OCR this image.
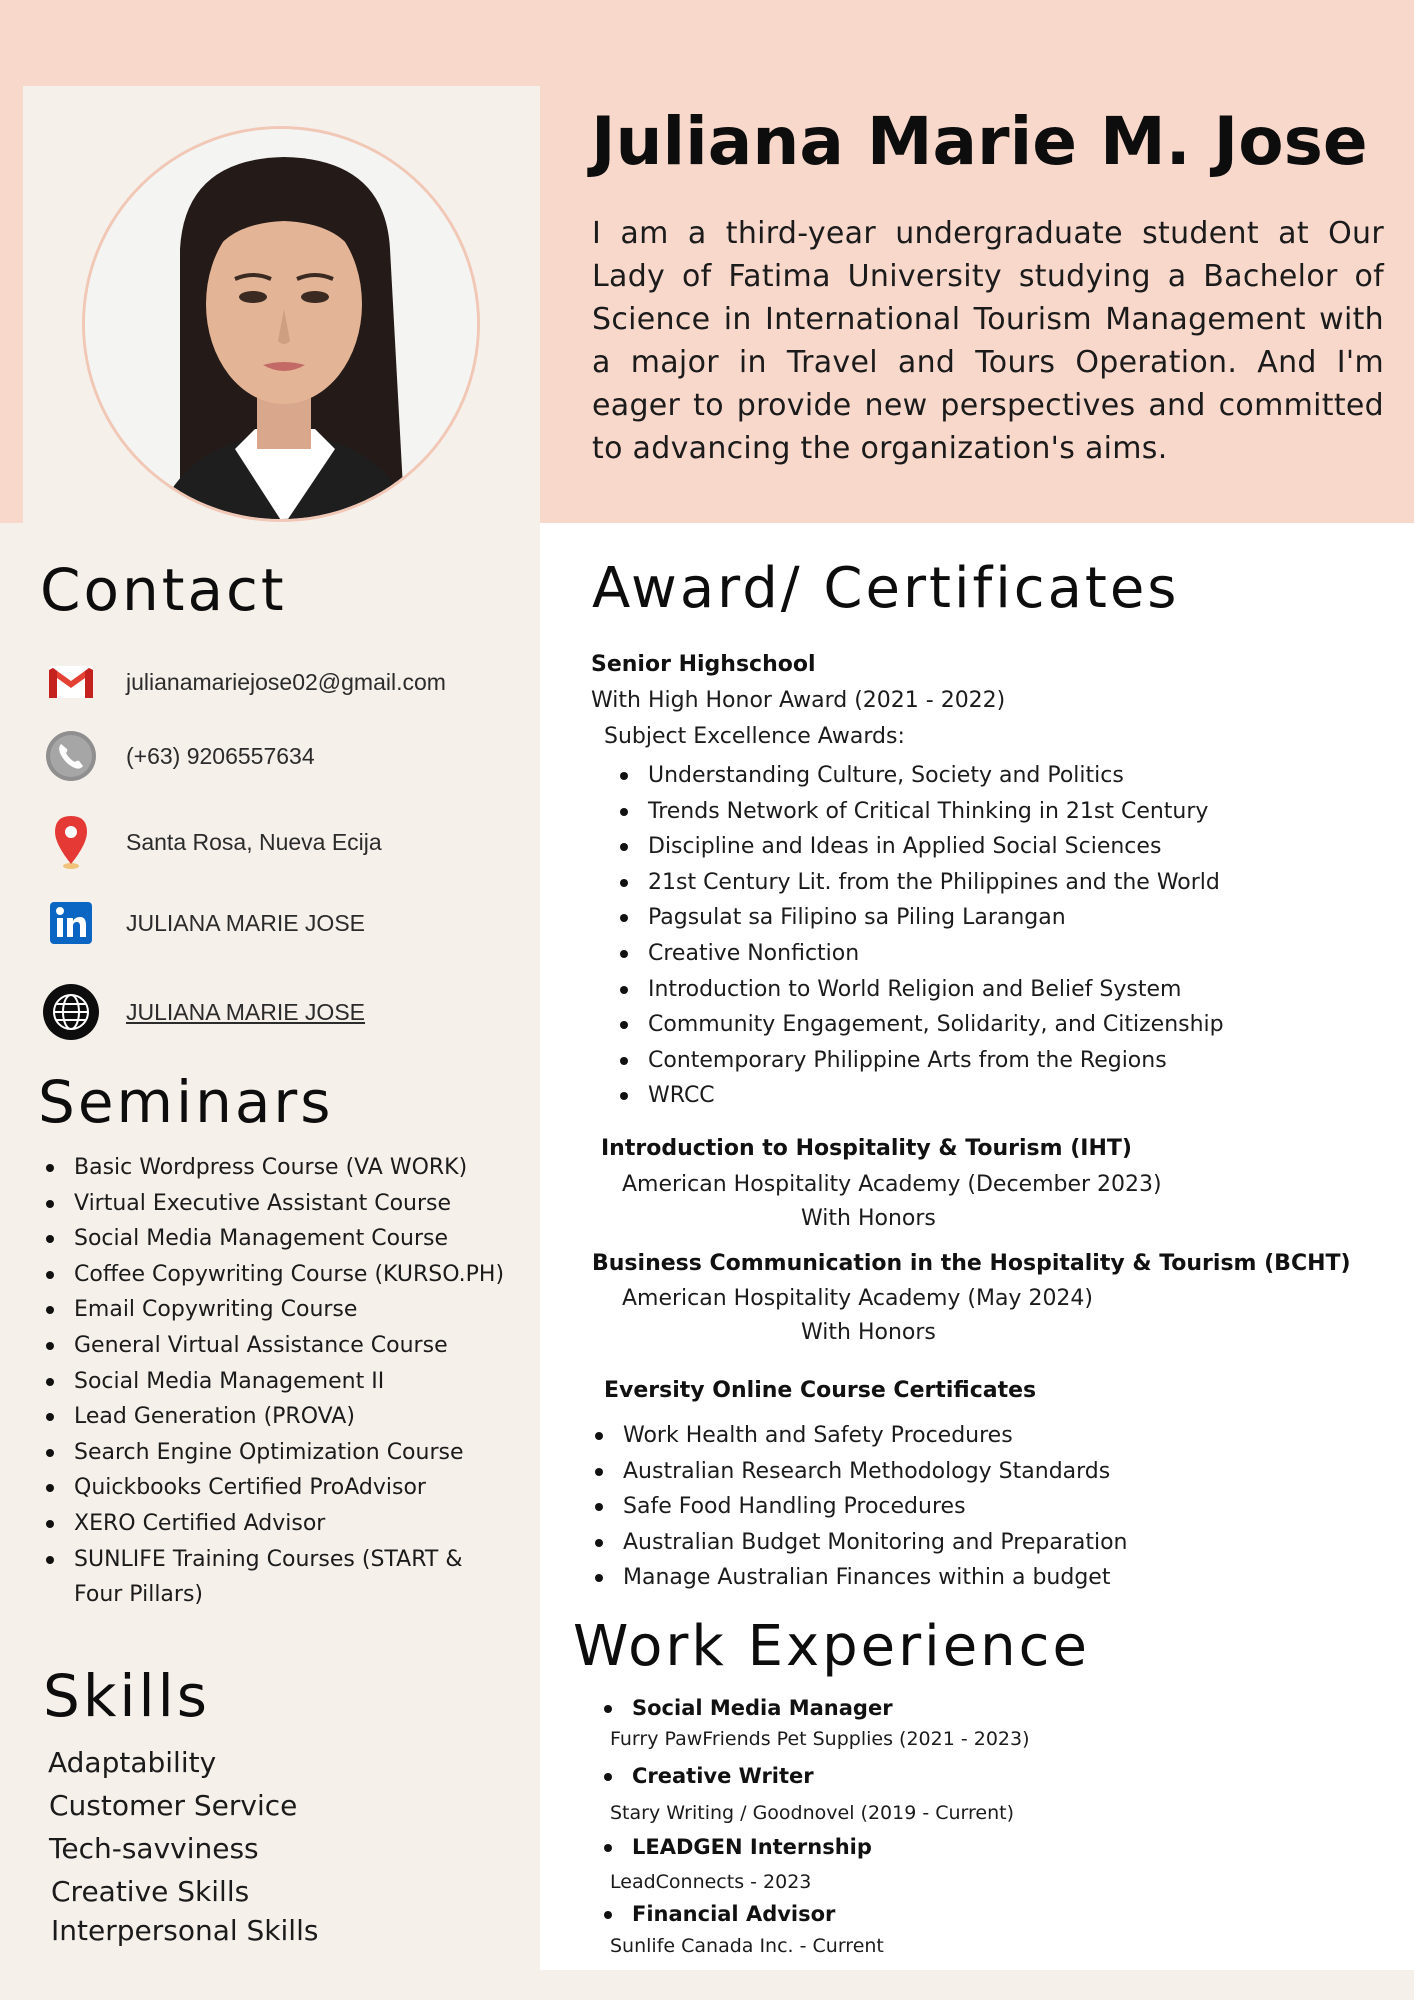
Juliana Marie M. Jose
I am a third-year undergraduate student at Our Lady of Fatima University studying a Bachelor of Science in International Tourism Management with a major in Travel and Tours Operation. And I'm eager to provide new perspectives and committed to advancing the organization's aims.
Contact
julianamariejose02@gmail.com
(+63) 9206557634
Santa Rosa, Nueva Ecija
JULIANA MARIE JOSE
JULIANA MARIE JOSE
Seminars
Basic Wordpress Course (VA WORK)
Virtual Executive Assistant Course
Social Media Management Course
Coffee Copywriting Course (KURSO.PH)
Email Copywriting Course
General Virtual Assistance Course
Social Media Management II
Lead Generation (PROVA)
Search Engine Optimization Course
Quickbooks Certified ProAdvisor
XERO Certified Advisor
SUNLIFE Training Courses (START & Four Pillars)
Skills
Adaptability
Customer Service
Tech-savviness
Creative Skills
Interpersonal Skills
Award/ Certificates
Senior Highschool
With High Honor Award (2021 - 2022)
Subject Excellence Awards:
Understanding Culture, Society and Politics
Trends Network of Critical Thinking in 21st Century
Discipline and Ideas in Applied Social Sciences
21st Century Lit. from the Philippines and the World
Pagsulat sa Filipino sa Piling Larangan
Creative Nonfiction
Introduction to World Religion and Belief System
Community Engagement, Solidarity, and Citizenship
Contemporary Philippine Arts from the Regions
WRCC
Introduction to Hospitality & Tourism (IHT)
American Hospitality Academy (December 2023)
With Honors
Business Communication in the Hospitality & Tourism (BCHT)
American Hospitality Academy (May 2024)
With Honors
Eversity Online Course Certificates
Work Health and Safety Procedures
Australian Research Methodology Standards
Safe Food Handling Procedures
Australian Budget Monitoring and Preparation
Manage Australian Finances within a budget
Work Experience
Social Media Manager
Furry PawFriends Pet Supplies (2021 - 2023)
Creative Writer
Stary Writing / Goodnovel (2019 - Current)
LEADGEN Internship
LeadConnects - 2023
Financial Advisor
Sunlife Canada Inc. - Current
